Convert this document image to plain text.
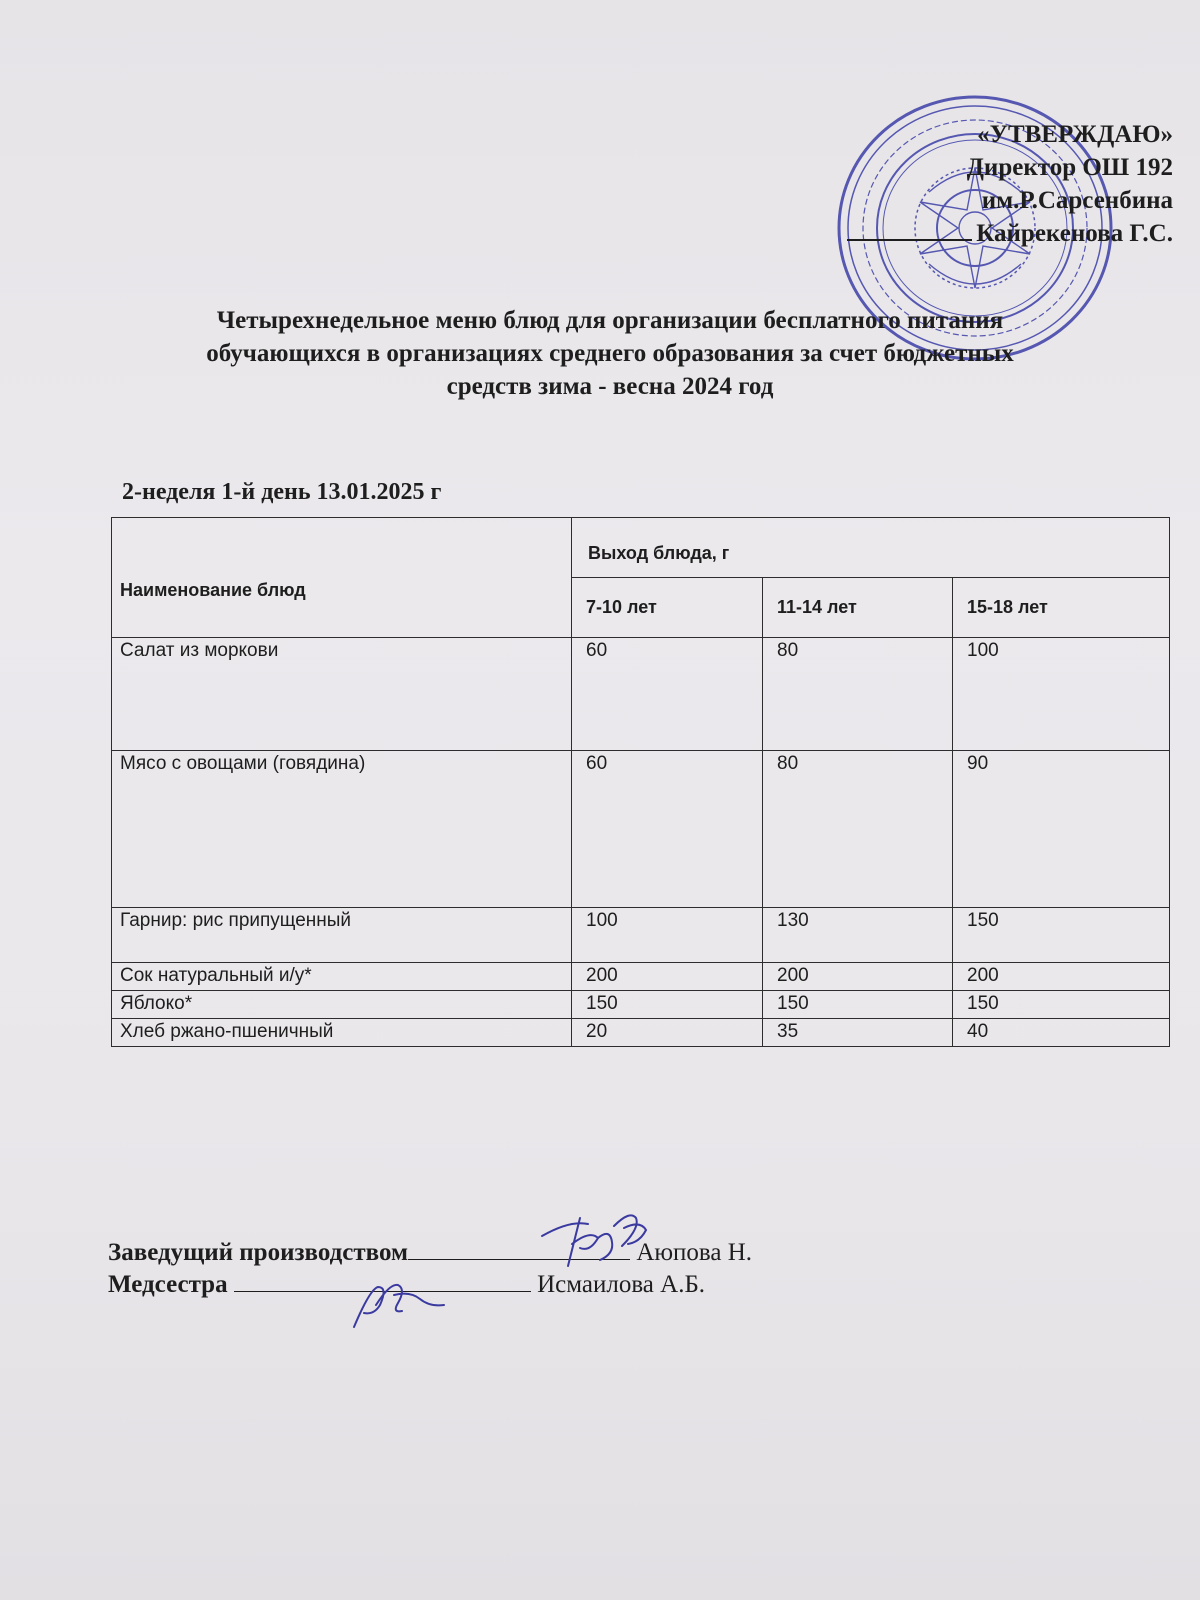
«УТВЕРЖДАЮ»
Директор ОШ 192
им.Р.Сарсенбина
Кайрекенова Г.С.
Четырехнедельное меню блюд для организации бесплатного питания
обучающихся в организациях среднего образования за счет бюджетных
средств зима - весна 2024 год
2-неделя 1-й день 13.01.2025 г
Наименование блюд	Выход блюда, г		
	7-10 лет	11-14 лет	15-18 лет
Салат из моркови	60	80	100
Мясо с овощами (говядина)	60	80	90
Гарнир: рис припущенный	100	130	150
Сок натуральный и/у*	200	200	200
Яблоко*	150	150	150
Хлеб ржано-пшеничный	20	35	40
Заведущий производством	Аюпова Н.
Медсестра	Исмаилова А.Б.
